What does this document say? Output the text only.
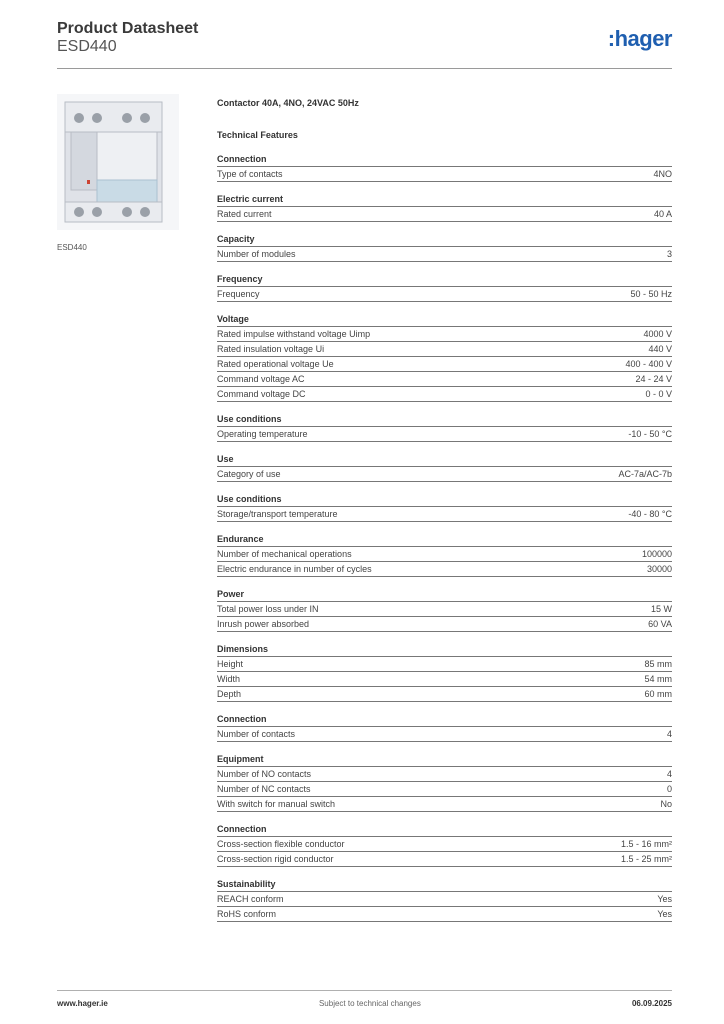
Product Datasheet
ESD440	:hager
ESD440
Contactor 40A, 4NO, 24VAC 50Hz
Technical Features
Connection
Type of contacts	4NO
Electric current
Rated current	40 A
Capacity
Number of modules	3
Frequency
Frequency	50 - 50 Hz
Voltage
Rated impulse withstand voltage Uimp	4000 V
Rated insulation voltage Ui	440 V
Rated operational voltage Ue	400 - 400 V
Command voltage AC	24 - 24 V
Command voltage DC	0 - 0 V
Use conditions
Operating temperature	-10 - 50 °C
Use
Category of use	AC-7a/AC-7b
Use conditions
Storage/transport temperature	-40 - 80 °C
Endurance
Number of mechanical operations	100000
Electric endurance in number of cycles	30000
Power
Total power loss under IN	15 W
Inrush power absorbed	60 VA
Dimensions
Height	85 mm
Width	54 mm
Depth	60 mm
Connection
Number of contacts	4
Equipment
Number of NO contacts	4
Number of NC contacts	0
With switch for manual switch	No
Connection
Cross-section flexible conductor	1.5 - 16 mm²
Cross-section rigid conductor	1.5 - 25 mm²
Sustainability
REACH conform	Yes
RoHS conform	Yes
www.hager.ie	Subject to technical changes	06.09.2025
